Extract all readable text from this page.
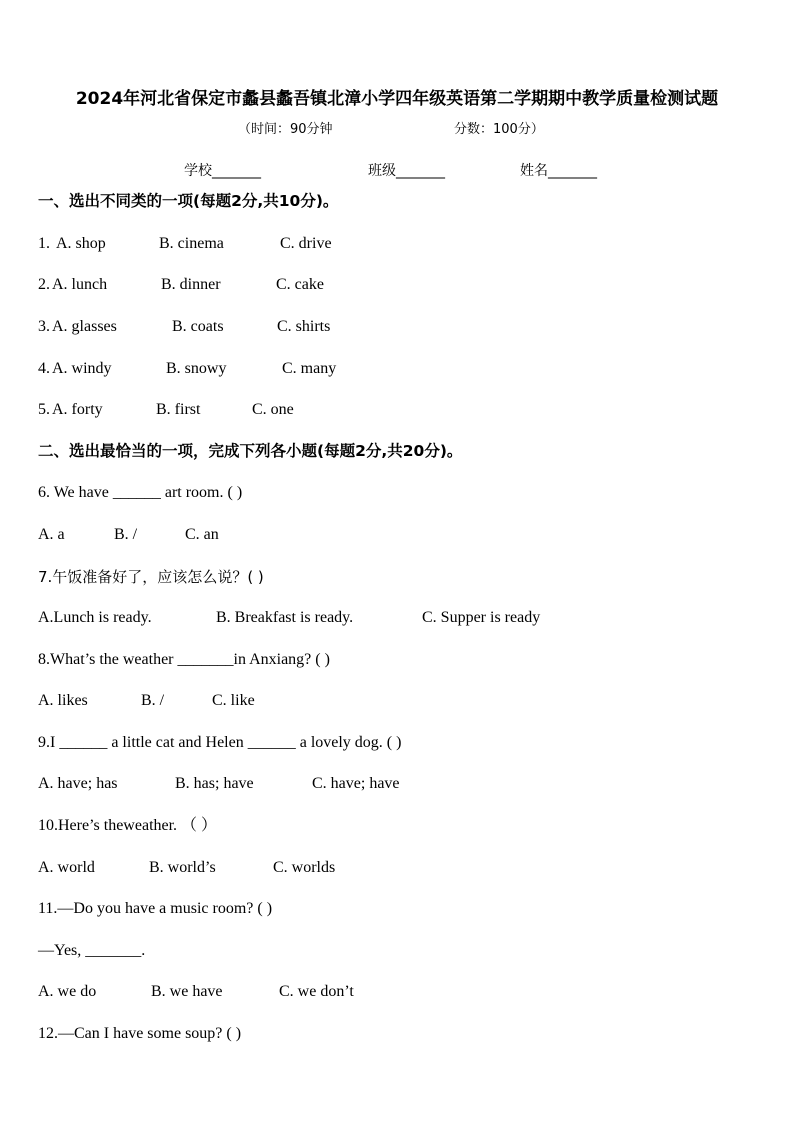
2024年河北省保定市蠡县蠡吾镇北漳小学四年级英语第二学期期中教学质量检测试题
（时间：90分钟	分数：100分）
学校_______	班级_______	姓名_______
一、选出不同类的一项(每题2分,共10分)。
1. A. shop	B. cinema	C. drive
2. A. lunch	B. dinner	C. cake
3. A. glasses	B. coats	C. shirts
4. A. windy	B. snowy	C. many
5. A. forty	B. first	C. one
二、选出最恰当的一项，完成下列各小题(每题2分,共20分)。
6. We have ______ art room. ( )
A. a	B. /	C. an
7.午饭准备好了，应该怎么说？( )
A.Lunch is ready.	B. Breakfast is ready.	C. Supper is ready
8.What’s the weather _______in Anxiang? ( )
A. likes	B. /	C. like
9.I ______ a little cat and Helen ______ a lovely dog. ( )
A. have; has	B. has; have	C. have; have
10.Here’s theweather. （ ）
A. world	B. world’s	C. worlds
11.—Do you have a music room? ( )
—Yes, _______.
A. we do	B. we have	C. we don’t
12.—Can I have some soup? ( )
